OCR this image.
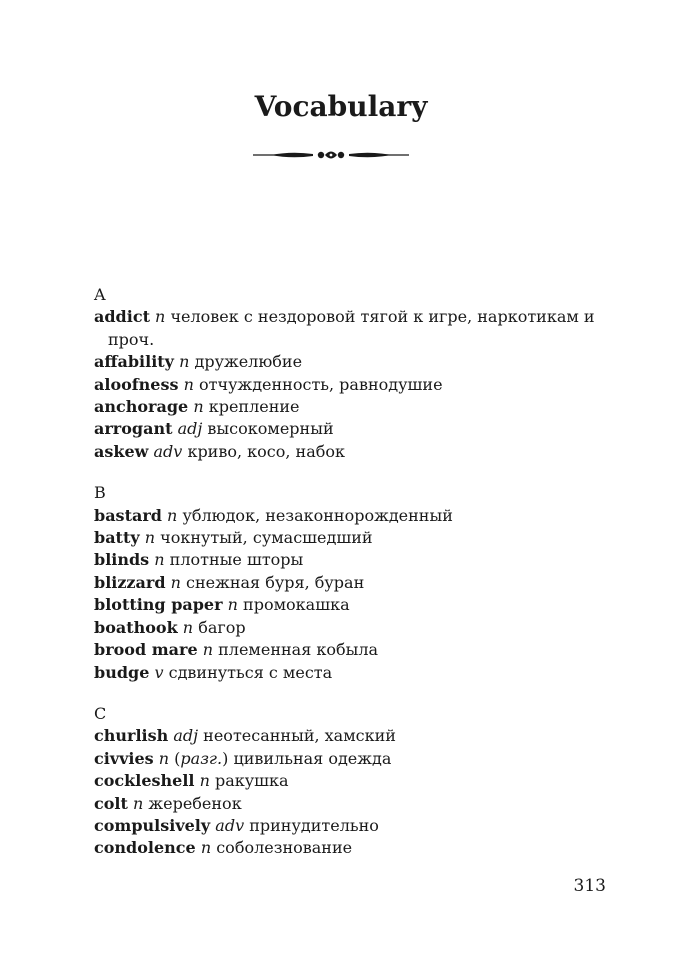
Vocabulary
A
addict n человек с нездоровой тягой к игре, наркотикам и проч.
affability n дружелюбие
aloofness n отчужденность, равнодушие
anchorage n крепление
arrogant adj высокомерный
askew adv криво, косо, набок
B
bastard n ублюдок, незаконнорожденный
batty n чокнутый, сумасшедший
blinds n плотные шторы
blizzard n снежная буря, буран
blotting paper n промокашка
boathook n багор
brood mare n племенная кобыла
budge v сдвинуться с места
C
churlish adj неотесанный, хамский
civvies n (разг.) цивильная одежда
cockleshell n ракушка
colt n жеребенок
compulsively adv принудительно
condolence n соболезнование
313
